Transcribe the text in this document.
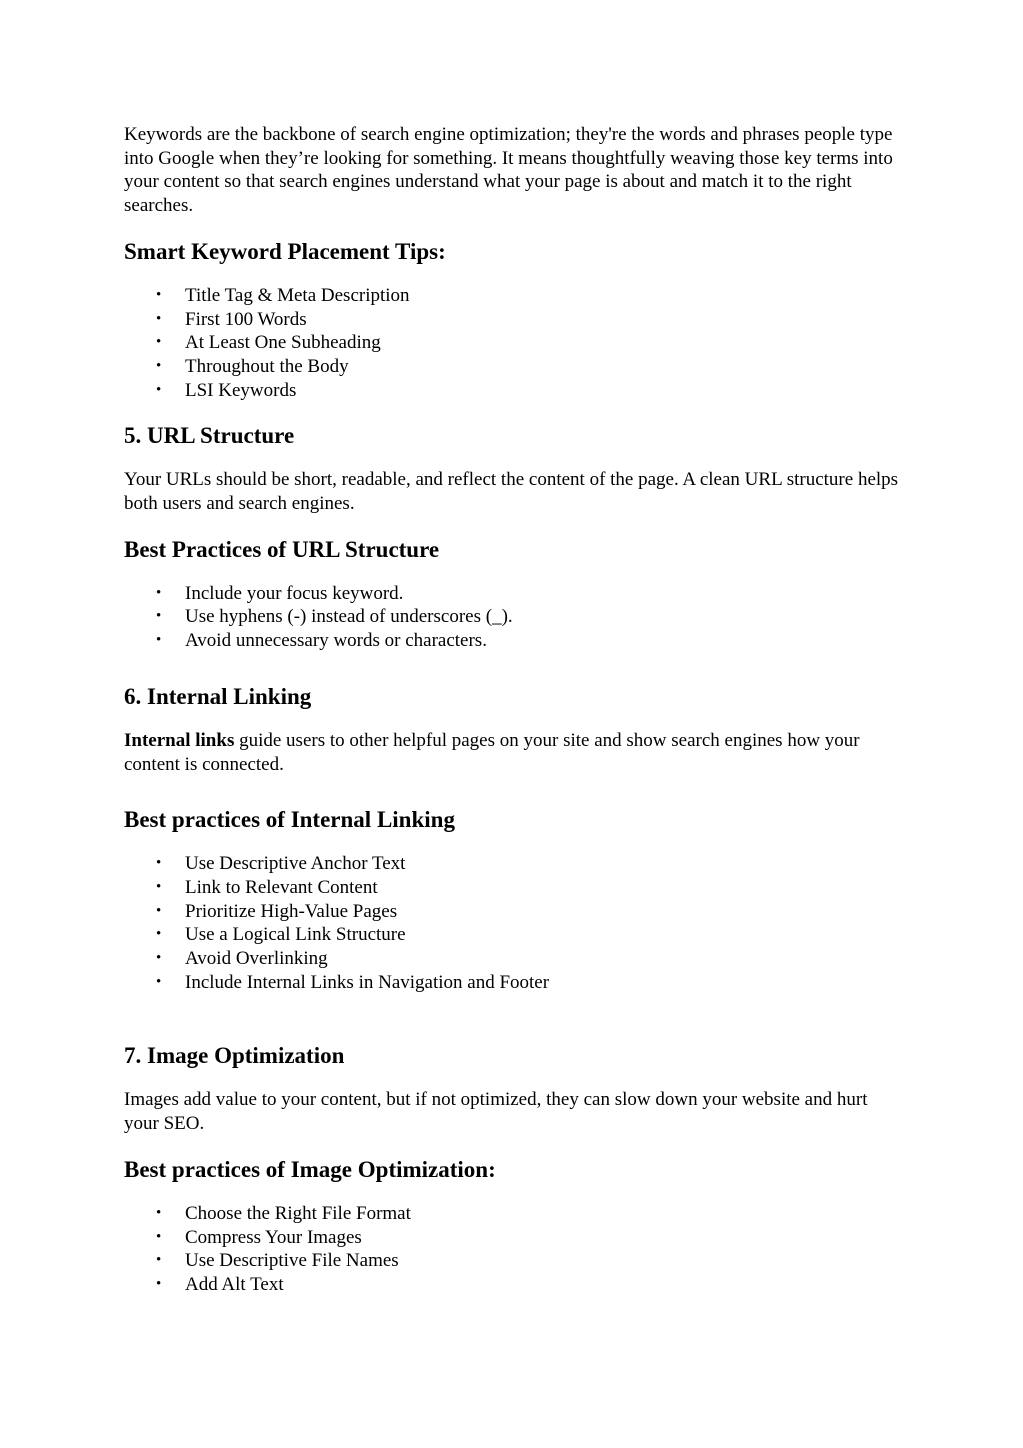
Keywords are the backbone of search engine optimization; they're the words and phrases people type into Google when they’re looking for something. It means thoughtfully weaving those key terms into your content so that search engines understand what your page is about and match it to the right searches.

Smart Keyword Placement Tips:
• Title Tag & Meta Description
• First 100 Words
• At Least One Subheading
• Throughout the Body
• LSI Keywords
5. URL Structure

Your URLs should be short, readable, and reflect the content of the page. A clean URL structure helps both users and search engines.

Best Practices of URL Structure
• Include your focus keyword.
• Use hyphens (-) instead of underscores (_).
• Avoid unnecessary words or characters.
6. Internal Linking

Internal links guide users to other helpful pages on your site and show search engines how your content is connected.

Best practices of Internal Linking
• Use Descriptive Anchor Text
• Link to Relevant Content
• Prioritize High-Value Pages
• Use a Logical Link Structure
• Avoid Overlinking
• Include Internal Links in Navigation and Footer
7. Image Optimization

Images add value to your content, but if not optimized, they can slow down your website and hurt your SEO.

Best practices of Image Optimization:
• Choose the Right File Format
• Compress Your Images
• Use Descriptive File Names
• Add Alt Text
